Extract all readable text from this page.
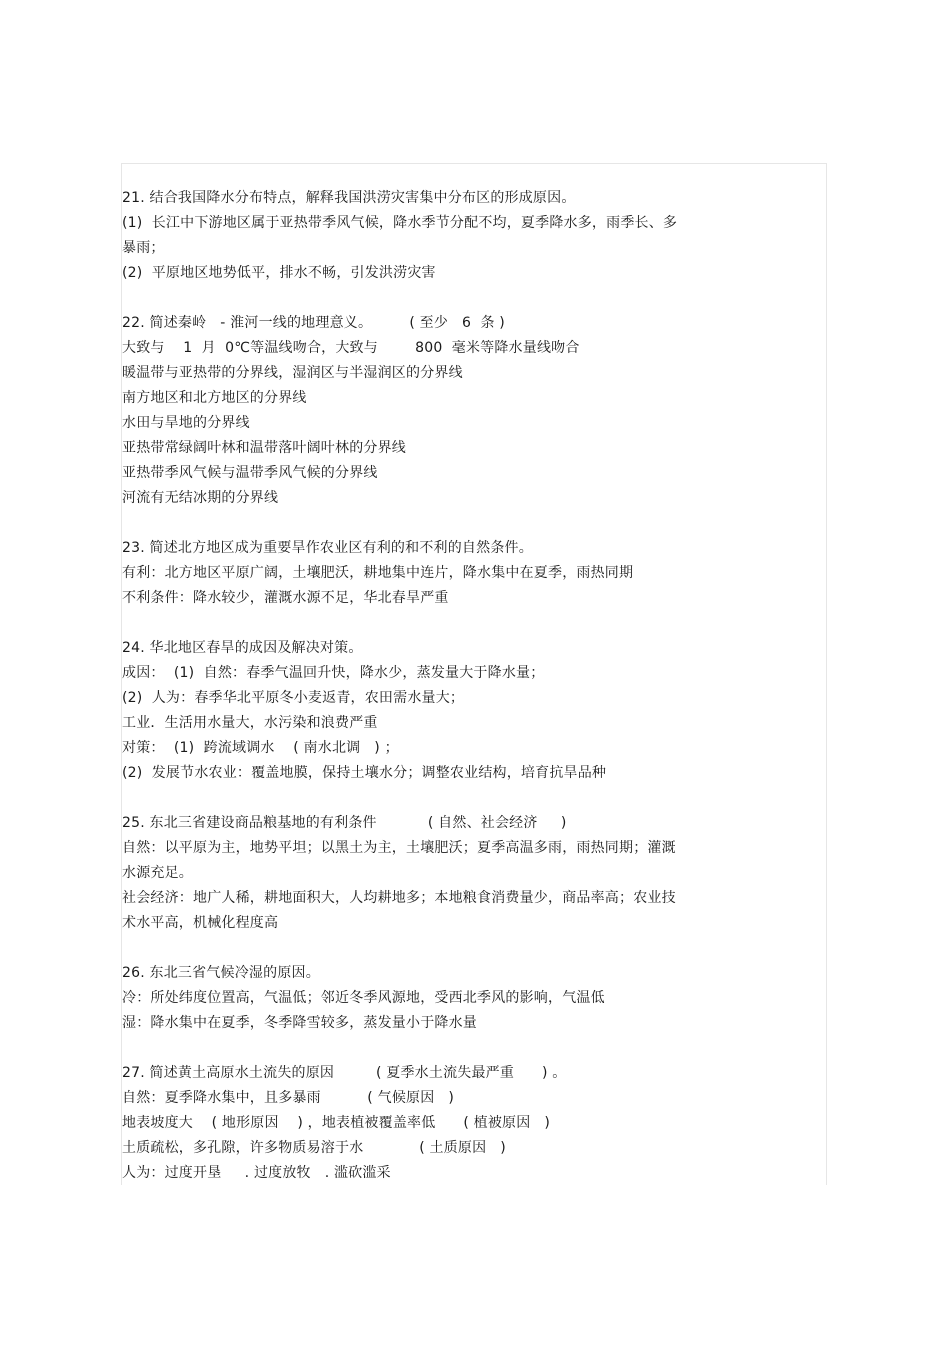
21. 结合我国降水分布特点，解释我国洪涝灾害集中分布区的形成原因。
(1)  长江中下游地区属于亚热带季风气候，降水季节分配不均，夏季降水多，雨季长、多
暴雨；
(2)  平原地区地势低平，排水不畅，引发洪涝灾害
22. 简述秦岭   - 淮河一线的地理意义。        ( 至少   6  条 )
大致与    1  月  0℃等温线吻合，大致与        800  毫米等降水量线吻合
暖温带与亚热带的分界线，湿润区与半湿润区的分界线
南方地区和北方地区的分界线
水田与旱地的分界线
亚热带常绿阔叶林和温带落叶阔叶林的分界线
亚热带季风气候与温带季风气候的分界线
河流有无结冰期的分界线
23. 简述北方地区成为重要旱作农业区有利的和不利的自然条件。
有利：北方地区平原广阔，土壤肥沃，耕地集中连片，降水集中在夏季，雨热同期
不利条件：降水较少，灌溉水源不足，华北春旱严重
24. 华北地区春旱的成因及解决对策。
成因：  (1)  自然：春季气温回升快，降水少，蒸发量大于降水量；
(2)  人为：春季华北平原冬小麦返青，农田需水量大；
工业．生活用水量大，水污染和浪费严重
对策：  (1)  跨流域调水    ( 南水北调   ) ；
(2)  发展节水农业：覆盖地膜，保持土壤水分；调整农业结构，培育抗旱品种
25. 东北三省建设商品粮基地的有利条件           ( 自然、社会经济     )
自然：以平原为主，地势平坦；以黑土为主，土壤肥沃；夏季高温多雨，雨热同期；灌溉
水源充足。
社会经济：地广人稀，耕地面积大，人均耕地多；本地粮食消费量少，商品率高；农业技
术水平高，机械化程度高
26. 东北三省气候冷湿的原因。
冷：所处纬度位置高，气温低；邻近冬季风源地，受西北季风的影响，气温低
湿：降水集中在夏季，冬季降雪较多，蒸发量小于降水量
27. 简述黄土高原水土流失的原因         ( 夏季水土流失最严重      ) 。
自然：夏季降水集中，且多暴雨          ( 气候原因   )
地表坡度大    ( 地形原因    ) ，地表植被覆盖率低      ( 植被原因   )
土质疏松，多孔隙，许多物质易溶于水            ( 土质原因   )
人为：过度开垦     . 过度放牧   . 滥砍滥采
